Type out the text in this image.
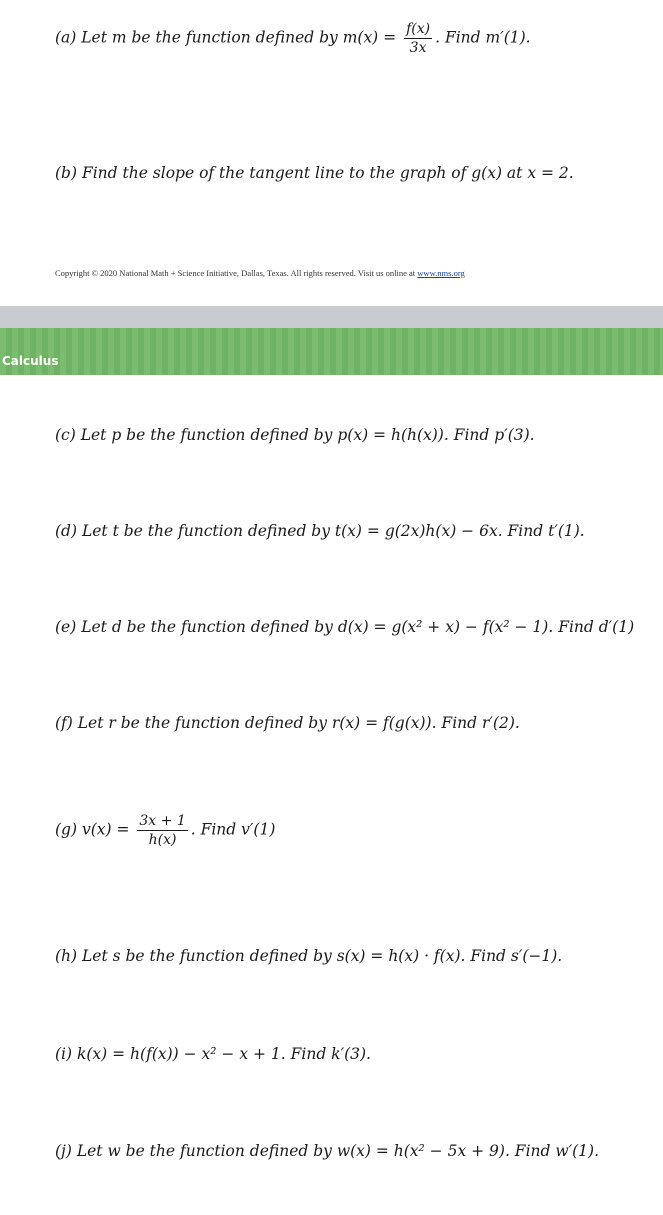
(a) Let m be the function defined by $m(x) = \frac{f(x)}{3x}$ . Find m′(1).
(b) Find the slope of the tangent line to the graph of g(x) at x = 2.
Copyright © 2020 National Math + Science Initiative, Dallas, Texas. All rights reserved. Visit us online at www.nms.org
Calculus
(c) Let p be the function defined by p(x) = h(h(x)). Find p′(3).
(d) Let t be the function defined by t(x) = g(2x)h(x) − 6x. Find t′(1).
(e) Let d be the function defined by d(x) = g(x² + x) − f(x² − 1). Find d′(1)
(f) Let r be the function defined by r(x) = f(g(x)). Find r′(2).
(g) $v(x) = \frac{3x + 1}{h(x)}$ . Find v′(1)
(h) Let s be the function defined by s(x) = h(x) · f(x). Find s′(−1).
(i) k(x) = h(f(x)) − x² − x + 1. Find k′(3).
(j) Let w be the function defined by w(x) = h(x² − 5x + 9). Find w′(1).
